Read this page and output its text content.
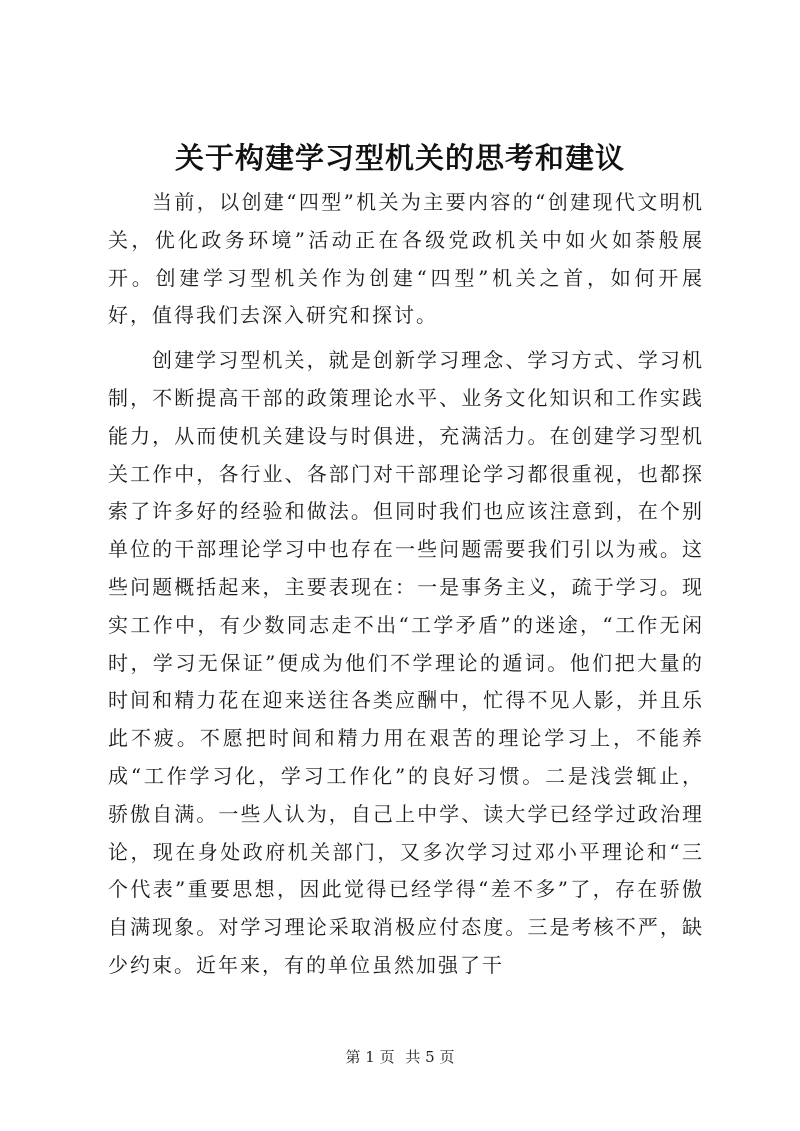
关于构建学习型机关的思考和建议

当前，以创建“四型”机关为主要内容的“创建现代文明机关，优化政务环境”活动正在各级党政机关中如火如荼般展开。创建学习型机关作为创建“四型”机关之首，如何开展好，值得我们去深入研究和探讨。

创建学习型机关，就是创新学习理念、学习方式、学习机制，不断提高干部的政策理论水平、业务文化知识和工作实践能力，从而使机关建设与时俱进，充满活力。在创建学习型机关工作中，各行业、各部门对干部理论学习都很重视，也都探索了许多好的经验和做法。但同时我们也应该注意到，在个别单位的干部理论学习中也存在一些问题需要我们引以为戒。这些问题概括起来，主要表现在：一是事务主义，疏于学习。现实工作中，有少数同志走不出“工学矛盾”的迷途，“工作无闲时，学习无保证”便成为他们不学理论的遁词。他们把大量的时间和精力花在迎来送往各类应酬中，忙得不见人影，并且乐此不疲。不愿把时间和精力用在艰苦的理论学习上，不能养成“工作学习化，学习工作化”的良好习惯。二是浅尝辄止，骄傲自满。一些人认为，自己上中学、读大学已经学过政治理论，现在身处政府机关部门，又多次学习过邓小平理论和“三个代表”重要思想，因此觉得已经学得“差不多”了，存在骄傲自满现象。对学习理论采取消极应付态度。三是考核不严，缺少约束。近年来，有的单位虽然加强了干

第 1 页 共 5 页
